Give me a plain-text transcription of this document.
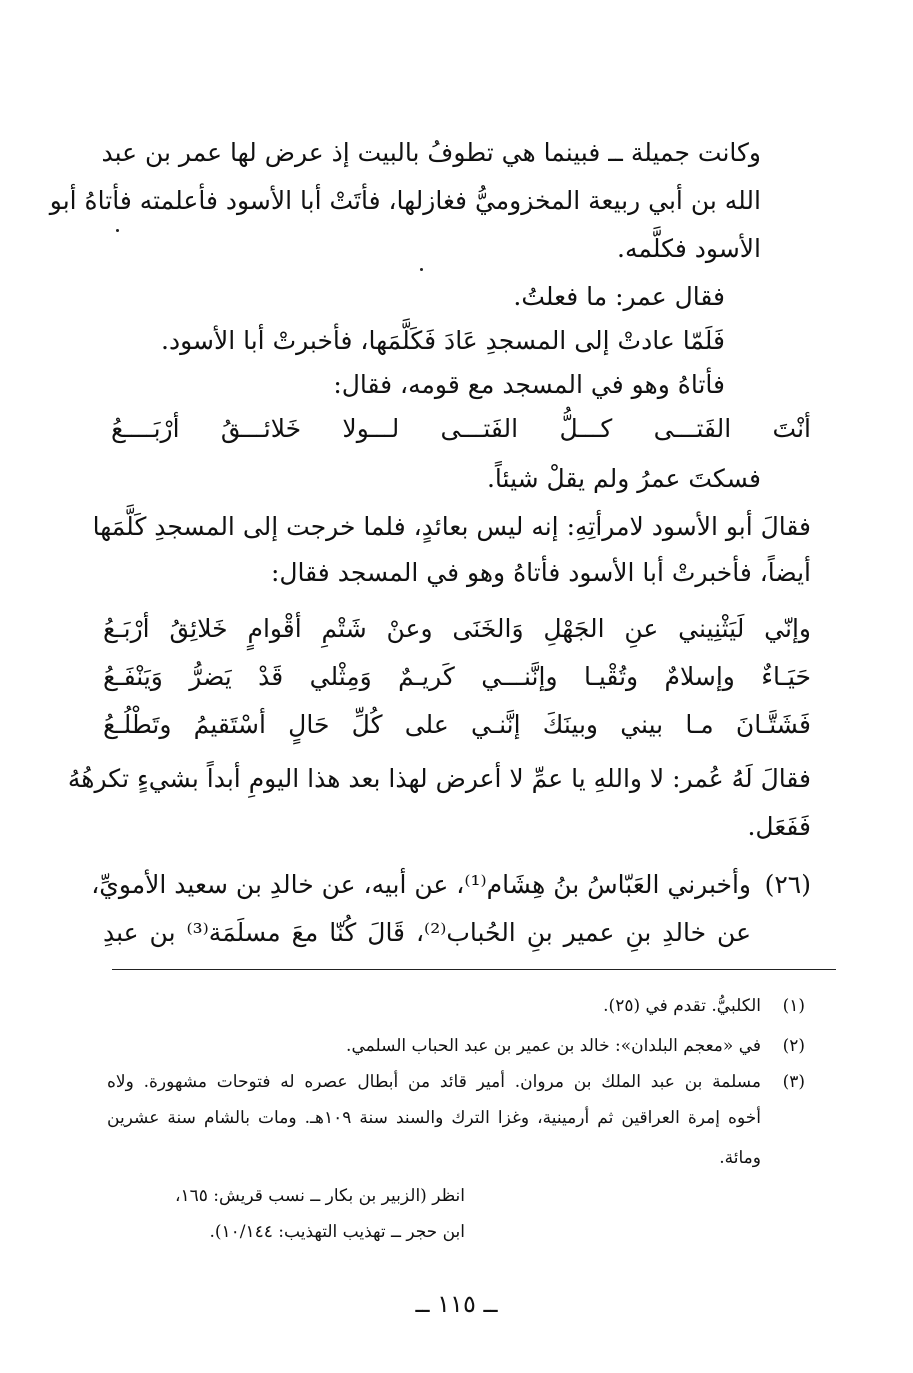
وكانت جميلة ــ فبينما هي تطوفُ بالبيت إذ عرض لها عمر بن عبد
الله بن أبي ربيعة المخزوميُّ فغازلها، فأتَتْ أبا الأسود فأعلمته فأتاهُ أبو
الأسود فكلَّمه.
فقال عمر: ما فعلتُ.
فَلَمّا عادتْ إلى المسجدِ عَادَ فَكَلَّمَها، فأخبرتْ أبا الأسود.
فأتاهُ وهو في المسجد مع قومه، فقال:
أنْتَ الفَتـــى كـــلُّ الفَتـــى لـــولا خَلائـــقُ أرْبَــــعُ
فسكتَ عمرُ ولم يقلْ شيئاً.
فقالَ أبو الأسود لامرأتِهِ: إنه ليس بعائدٍ، فلما خرجت إلى المسجدِ كَلَّمَها
أيضاً، فأخبرتْ أبا الأسود فأتاهُ وهو في المسجد فقال:
وإنّي لَيَثْنِيني عنِ الجَهْلِ وَالخَنَى وعنْ شَتْمِ أقْوامٍ خَلائِقُ أرْبَـعُ
حَيَـاءٌ وإسلامٌ وتُقْيـا وإنَّنـــي كَريـمٌ وَمِثْلي قَدْ يَضرُّ وَيَنْفَـعُ
فَشَتَّـانَ مـا بيني وبينَكَ إنَّنـي على كُلِّ حَالٍ أسْتَقيمُ وتَطْلُـعُ
فقالَ لَهُ عُمر: لا واللهِ يا عمِّ لا أعرض لهذا بعد هذا اليومِ أبداً بشيءٍ تكرهُهُ
فَفَعَل.
(٢٦)
وأخبرني العَبّاسُ بنُ هِشَام⁽¹⁾، عن أبيه، عن خالدِ بن سعيد الأمويِّ،
عن خالدِ بنِ عمير بنِ الحُباب⁽²⁾، قَالَ كُنّا معَ مسلَمَة⁽³⁾ بن عبدِ
(١)
الكلبيُّ. تقدم في (٢٥).
(٢)
في «معجم البلدان»: خالد بن عمير بن عبد الحباب السلمي.
(٣)
مسلمة بن عبد الملك بن مروان. أمير قائد من أبطال عصره له فتوحات مشهورة. ولاه
أخوه إمرة العراقين ثم أرمينية، وغزا الترك والسند سنة ١٠٩هـ. ومات بالشام سنة عشرين
ومائة.
انظر (الزبير بن بكار ــ نسب قريش: ١٦٥،
ابن حجر ــ تهذيب التهذيب: ١٠/١٤٤).
ــ ١١٥ ــ
